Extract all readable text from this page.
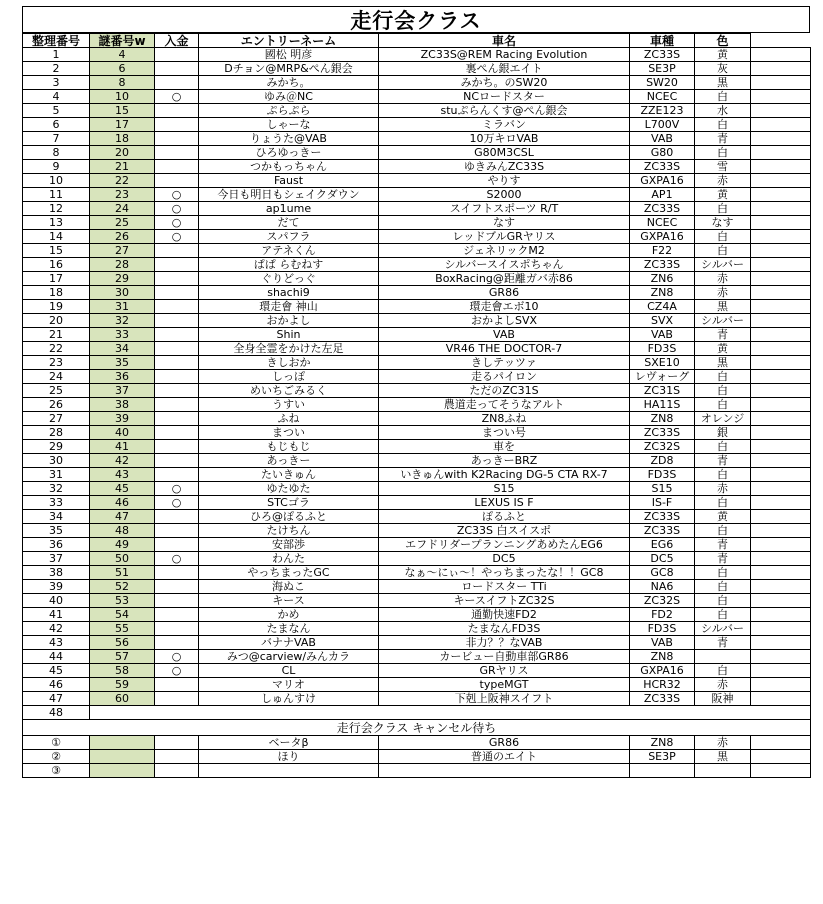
走行会クラス
整理番号	謎番号w	入金	エントリーネーム	車名	車種	色	
1	4		國松 明彦	ZC33S@REM Racing Evolution	ZC33S	黄	
2	6		Dチョン@MRP&ぺん銀会	裏ぺん銀エイト	SE3P	灰	
3	8		みかち。	みかち。のSW20	SW20	黒	
4	10	○	ゆみ＠NC	NCロードスター	NCEC	白	
5	15		ぷらぷら	stuぷらんくす@ぺん銀会	ZZE123	水	
6	17		しゃーな	ミラバン	L700V	白	
7	18		りょうた@VAB	10万キロVAB	VAB	青	
8	20		ひろゆっきー	G80M3CSL	G80	白	
9	21		つかもっちゃん	ゆきみんZC33S	ZC33S	雪	
10	22		Faust	やりす	GXPA16	赤	
11	23	○	今日も明日もシェイクダウン	S2000	AP1	黄	
12	24	○	ap1ume	スイフトスポーツ R/T	ZC33S	白	
13	25	○	だて	なす	NCEC	なす	
14	26	○	スパフラ	レッドブルGRヤリス	GXPA16	白	
15	27		アテネくん	ジェネリックM2	F22	白	
16	28		ぱぱ らむねす	シルバースイスポちゃん	ZC33S	シルバー	
17	29		ぐりどっぐ	BoxRacing@距離ガバ赤86	ZN6	赤	
18	30		shachi9	GR86	ZN8	赤	
19	31		環走會 神山	環走會エボ10	CZ4A	黒	
20	32		おかよし	おかよしSVX	SVX	シルバー	
21	33		Shin	VAB	VAB	青	
22	34		全身全霊をかけた左足	VR46 THE DOCTOR-7	FD3S	黄	
23	35		きしおか	きしテッツァ	SXE10	黒	
24	36		しっぽ	走るパイロン	レヴォーグ	白	
25	37		めいちごみるく	ただのZC31S	ZC31S	白	
26	38		うすい	農道走ってそうなアルト	HA11S	白	
27	39		ふね	ZN8ふね	ZN8	オレンジ	
28	40		まつい	まつい号	ZC33S	銀	
29	41		もじもじ	車を	ZC32S	白	
30	42		あっきー	あっきーBRZ	ZD8	青	
31	43		たいきゅん	いきゅんwith K2Racing DG-5 CTA RX-7	FD3S	白	
32	45	○	ゆたゆた	S15	S15	赤	
33	46	○	STCゴラ	LEXUS IS F	IS-F	白	
34	47		ひろ@ぽるふと	ぽるふと	ZC33S	黄	
35	48		たけちん	ZC33S 白スイスポ	ZC33S	白	
36	49		安部渉	エフドリダープランニングあめたんEG6	EG6	青	
37	50	○	わんた	DC5	DC5	青	
38	51		やっちまったGC	なぁ〜にぃ〜！やっちまったな！！GC8	GC8	白	
39	52		海ぬこ	ロードスター TTi	NA6	白	
40	53		キース	キースイフトZC32S	ZC32S	白	
41	54		かめ	通勤快速FD2	FD2	白	
42	55		たまなん	たまなんFD3S	FD3S	シルバー	
43	56		バナナVAB	非力？？なVAB	VAB	青	
44	57	○	みつ@carview/みんカラ	カービュー自動車部GR86	ZN8		
45	58	○	CL	GRヤリス	GXPA16	白	
46	59		マリオ	typeMGT	HCR32	赤	
47	60		しゅんすけ	下剋上阪神スイフト	ZC33S	阪神	
48							
走行会クラス キャンセル待ち							
①			ベータβ	GR86	ZN8	赤	
②			ほり	普通のエイト	SE3P	黒	
③							
